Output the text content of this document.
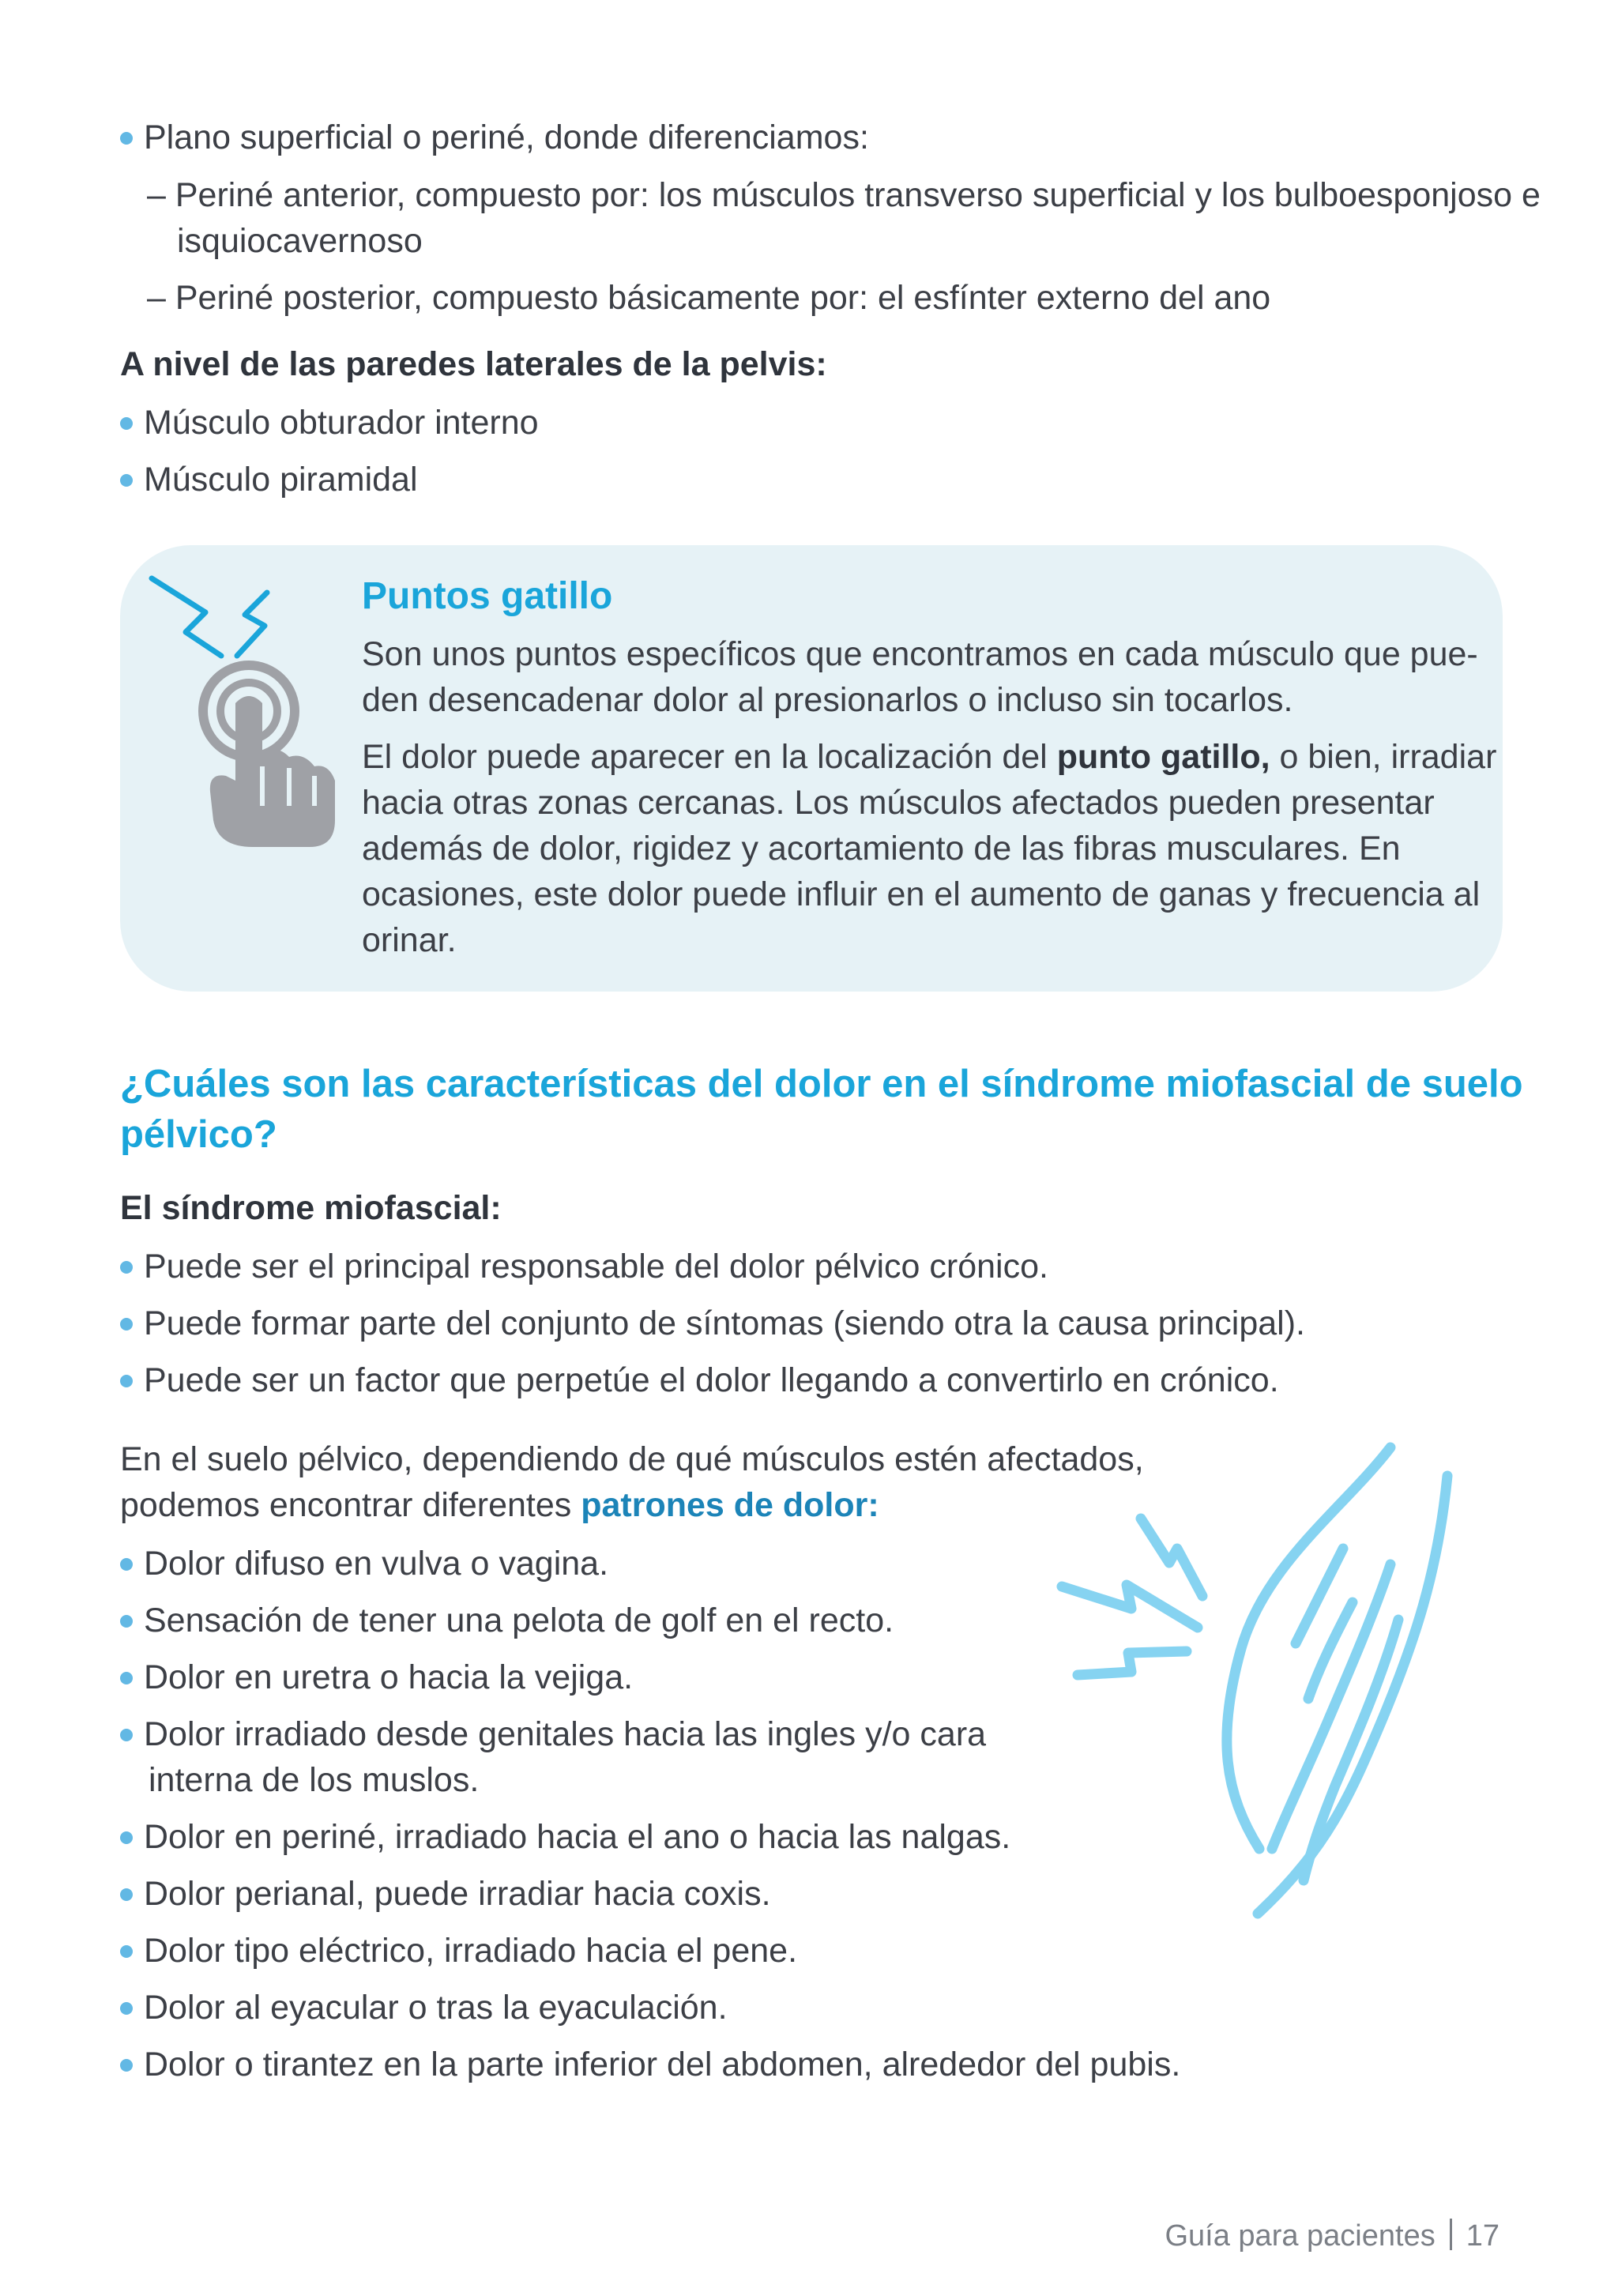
Plano superficial o periné, donde diferenciamos:
– Periné anterior, compuesto por: los músculos transverso superficial y los bulboesponjoso e
isquiocavernoso
– Periné posterior, compuesto básicamente por: el esfínter externo del ano
A nivel de las paredes laterales de la pelvis:
Músculo obturador interno
Músculo piramidal
Puntos gatillo
Son unos puntos específicos que encontramos en cada músculo que pue-
den desencadenar dolor al presionarlos o incluso sin tocarlos.
El dolor puede aparecer en la localización del punto gatillo, o bien, irradiar
hacia otras zonas cercanas. Los músculos afectados pueden presentar
además de dolor, rigidez y acortamiento de las fibras musculares. En
ocasiones, este dolor puede influir en el aumento de ganas y frecuencia al
orinar.
¿Cuáles son las características del dolor en el síndrome miofascial de suelo
pélvico?
El síndrome miofascial:
Puede ser el principal responsable del dolor pélvico crónico.
Puede formar parte del conjunto de síntomas (siendo otra la causa principal).
Puede ser un factor que perpetúe el dolor llegando a convertirlo en crónico.
En el suelo pélvico, dependiendo de qué músculos estén afectados,
podemos encontrar diferentes patrones de dolor:
Dolor difuso en vulva o vagina.
Sensación de tener una pelota de golf en el recto.
Dolor en uretra o hacia la vejiga.
Dolor irradiado desde genitales hacia las ingles y/o cara
interna de los muslos.
Dolor en periné, irradiado hacia el ano o hacia las nalgas.
Dolor perianal, puede irradiar hacia coxis.
Dolor tipo eléctrico, irradiado hacia el pene.
Dolor al eyacular o tras la eyaculación.
Dolor o tirantez en la parte inferior del abdomen, alrededor del pubis.
Guía para pacientes 17
